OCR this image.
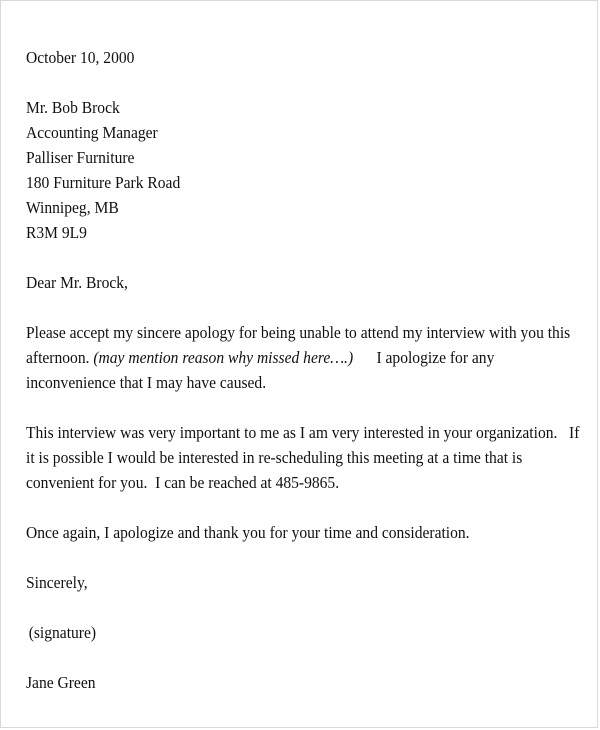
October 10, 2000
Mr. Bob Brock
Accounting Manager
Palliser Furniture
180 Furniture Park Road
Winnipeg, MB
R3M 9L9
Dear Mr. Brock,
Please accept my sincere apology for being unable to attend my interview with you this
afternoon. (may mention reason why missed here….)      I apologize for any
inconvenience that I may have caused.
This interview was very important to me as I am very interested in your organization.   If
it is possible I would be interested in re-scheduling this meeting at a time that is
convenient for you.  I can be reached at 485-9865.
Once again, I apologize and thank you for your time and consideration.
Sincerely,
(signature)
Jane Green
